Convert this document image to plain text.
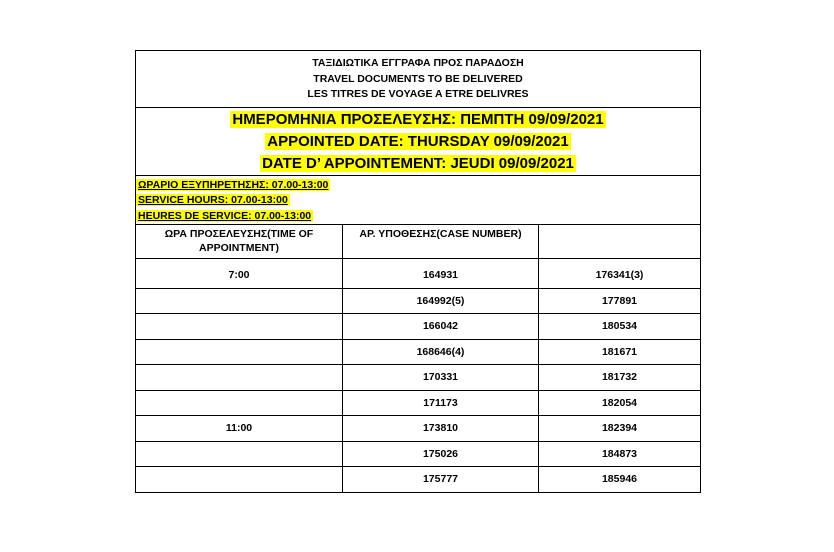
ΤΑΞΙΔΙΩΤΙΚΑ ΕΓΓΡΑΦΑ ΠΡΟΣ ΠΑΡΑΔΟΣΗ
TRAVEL DOCUMENTS TO BE DELIVERED
LES TITRES DE VOYAGE A ETRE DELIVRES
ΗΜΕΡΟΜΗΝΙΑ ΠΡΟΣΕΛΕΥΣΗΣ: ΠΕΜΠΤΗ 09/09/2021
APPOINTED DATE: THURSDAY 09/09/2021
DATE D’ APPOINTEMENT: JEUDI 09/09/2021
ΩΡΑΡΙΟ ΕΞΥΠΗΡΕΤΗΣΗΣ: 07.00-13:00
SERVICE HOURS: 07.00-13:00
HEURES DE SERVICE: 07.00-13:00
ΩΡΑ ΠΡΟΣΕΛΕΥΣΗΣ(TIME OF APPOINTMENT)	ΑΡ. ΥΠΟΘΕΣΗΣ(CASE NUMBER)	
7:00	164931	176341(3)
	164992(5)	177891
	166042	180534
	168646(4)	181671
	170331	181732
	171173	182054
11:00	173810	182394
	175026	184873
	175777	185946
